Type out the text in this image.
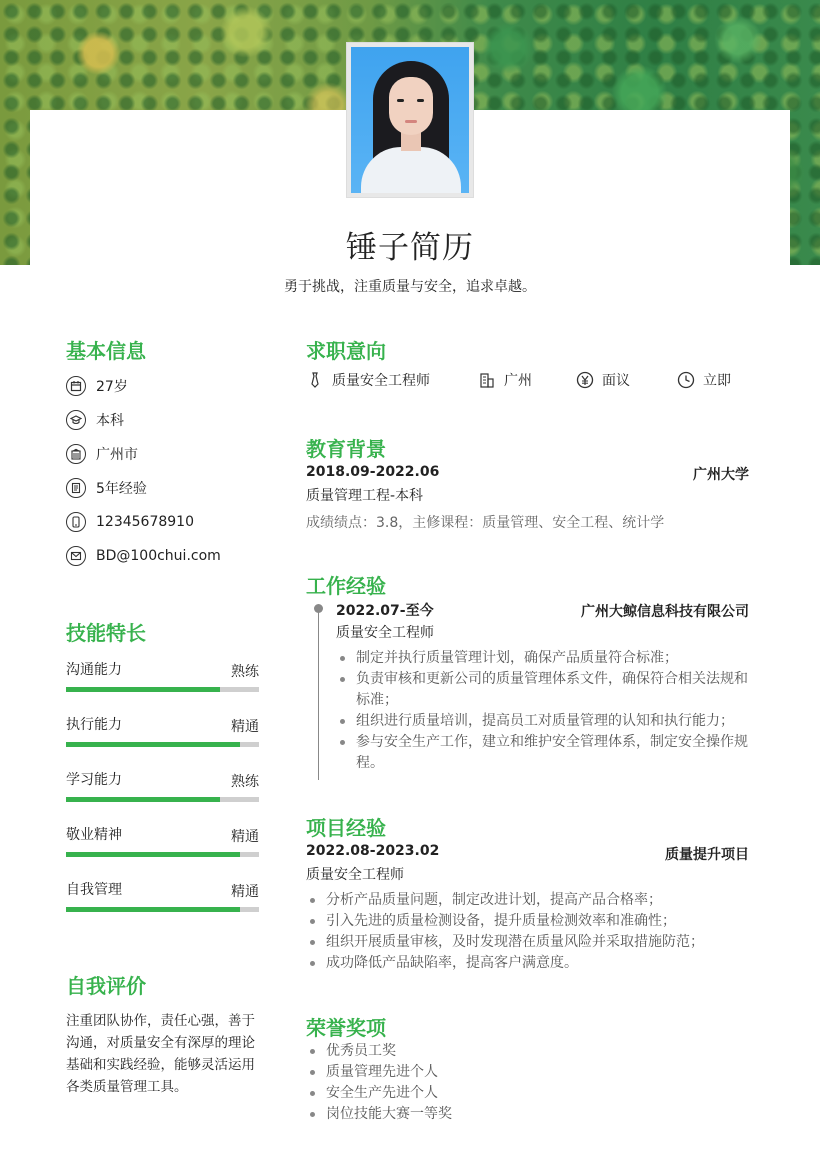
锤子简历
勇于挑战，注重质量与安全，追求卓越。
基本信息
27岁
本科
广州市
5年经验
12345678910
BD@100chui.com
技能特长
沟通能力	熟练
执行能力	精通
学习能力	熟练
敬业精神	精通
自我管理	精通
自我评价
注重团队协作，责任心强，善于沟通，对质量安全有深厚的理论基础和实践经验，能够灵活运用各类质量管理工具。
求职意向
质量安全工程师	广州	面议	立即
教育背景
2018.09-2022.06	广州大学
质量管理工程-本科
成绩绩点：3.8，主修课程：质量管理、安全工程、统计学
工作经验
2022.07-至今	广州大鲸信息科技有限公司
质量安全工程师
制定并执行质量管理计划，确保产品质量符合标准；
负责审核和更新公司的质量管理体系文件，确保符合相关法规和标准；
组织进行质量培训，提高员工对质量管理的认知和执行能力；
参与安全生产工作，建立和维护安全管理体系，制定安全操作规程。
项目经验
2022.08-2023.02	质量提升项目
质量安全工程师
分析产品质量问题，制定改进计划，提高产品合格率；
引入先进的质量检测设备，提升质量检测效率和准确性；
组织开展质量审核，及时发现潜在质量风险并采取措施防范；
成功降低产品缺陷率，提高客户满意度。
荣誉奖项
优秀员工奖
质量管理先进个人
安全生产先进个人
岗位技能大赛一等奖
